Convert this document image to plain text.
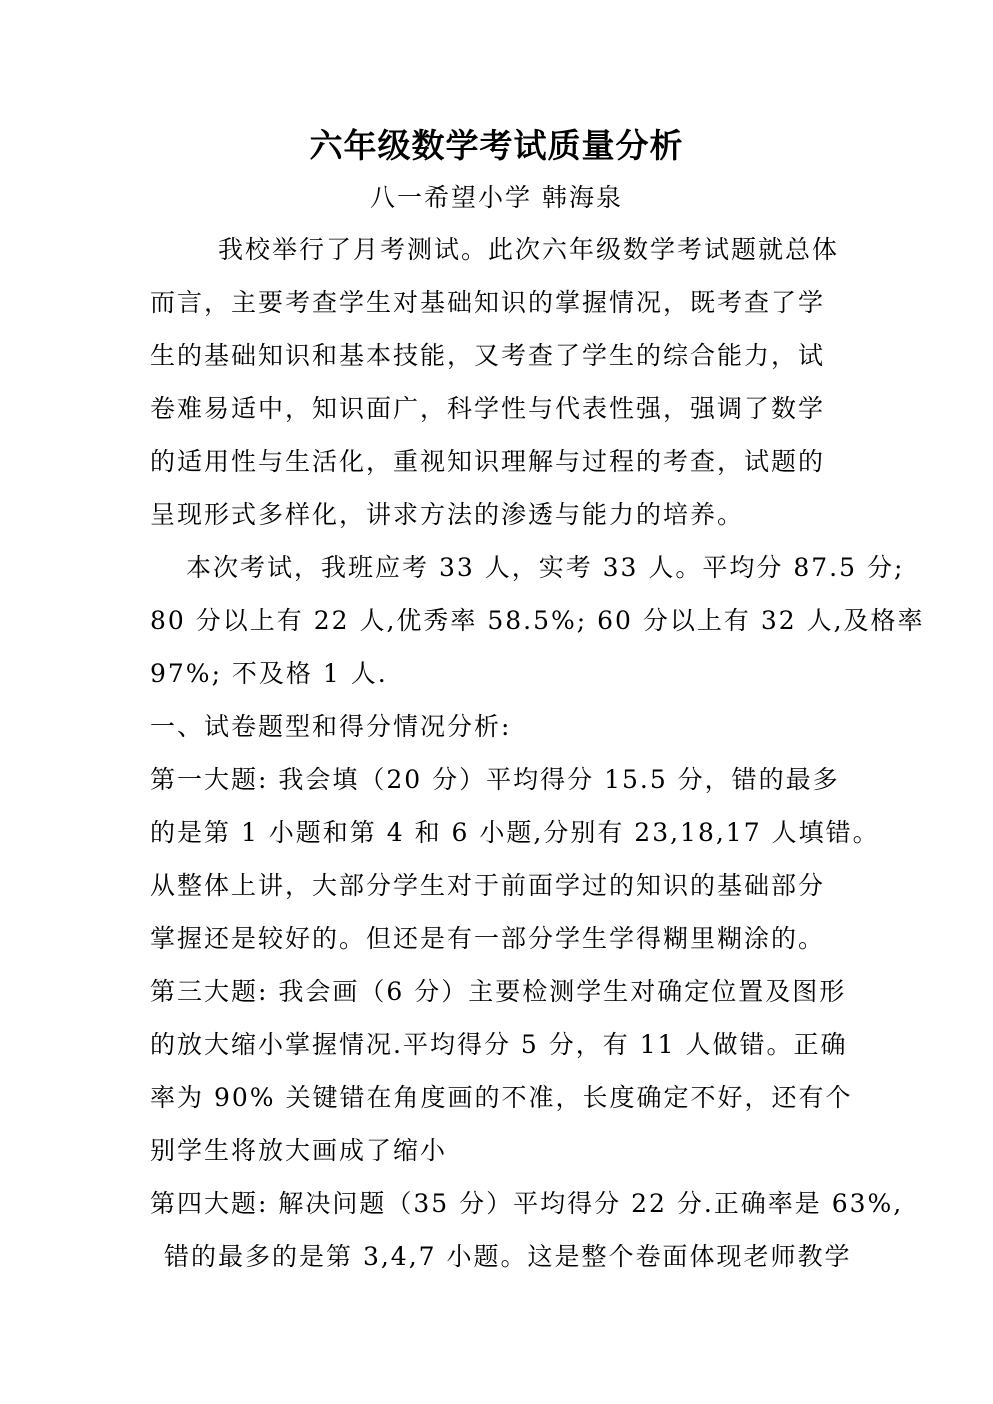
六年级数学考试质量分析
八一希望小学 韩海泉
我校举行了月考测试。此次六年级数学考试题就总体
而言，主要考查学生对基础知识的掌握情况，既考查了学
生的基础知识和基本技能，又考查了学生的综合能力，试
卷难易适中，知识面广，科学性与代表性强，强调了数学
的适用性与生活化，重视知识理解与过程的考查，试题的
呈现形式多样化，讲求方法的渗透与能力的培养。
本次考试，我班应考 33 人，实考 33 人。平均分 87.5 分;
80 分以上有 22 人,优秀率 58.5%; 60 分以上有 32 人,及格率
97%; 不及格 1 人.
一、试卷题型和得分情况分析:
第一大题: 我会填（20 分）平均得分 15.5 分，错的最多
的是第 1 小题和第 4 和 6 小题,分别有 23,18,17 人填错。
从整体上讲，大部分学生对于前面学过的知识的基础部分
掌握还是较好的。但还是有一部分学生学得糊里糊涂的。
第三大题: 我会画（6 分）主要检测学生对确定位置及图形
的放大缩小掌握情况.平均得分 5 分，有 11 人做错。正确
率为 90% 关键错在角度画的不准，长度确定不好，还有个
别学生将放大画成了缩小
第四大题: 解决问题（35 分）平均得分 22 分.正确率是 63%,
错的最多的是第 3,4,7 小题。这是整个卷面体现老师教学
